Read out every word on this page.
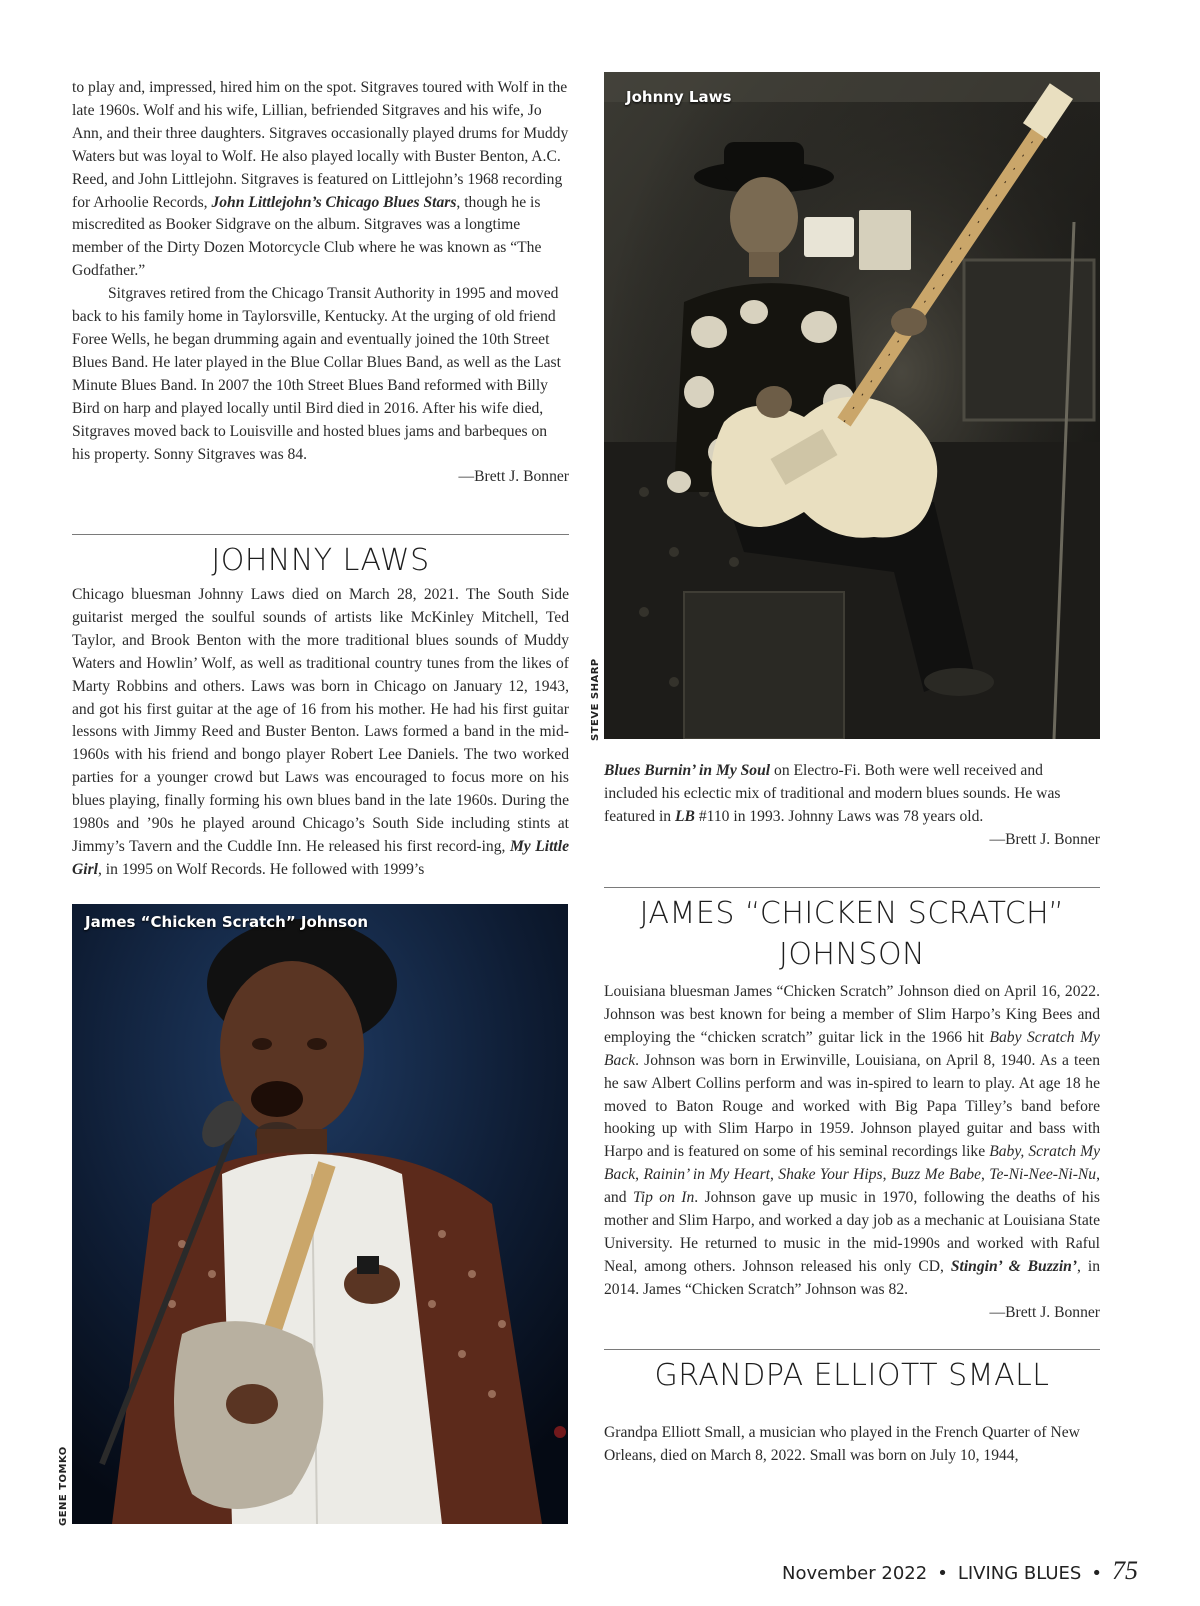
to play and, impressed, hired him on the spot. Sitgraves toured with Wolf in the late 1960s. Wolf and his wife, Lillian, befriended Sitgraves and his wife, Jo Ann, and their three daughters. Sitgraves occasionally played drums for Muddy Waters but was loyal to Wolf. He also played locally with Buster Benton, A.C. Reed, and John Littlejohn. Sitgraves is featured on Littlejohn’s 1968 recording for Arhoolie Records, John Littlejohn’s Chicago Blues Stars, though he is miscredited as Booker Sidgrave on the album. Sitgraves was a longtime member of the Dirty Dozen Motorcycle Club where he was known as “The Godfather.”

Sitgraves retired from the Chicago Transit Authority in 1995 and moved back to his family home in Taylorsville, Kentucky. At the urging of old friend Foree Wells, he began drumming again and eventually joined the 10th Street Blues Band. He later played in the Blue Collar Blues Band, as well as the Last Minute Blues Band. In 2007 the 10th Street Blues Band reformed with Billy Bird on harp and played locally until Bird died in 2016. After his wife died, Sitgraves moved back to Louisville and hosted blues jams and barbeques on his property. Sonny Sitgraves was 84.

—Brett J. Bonner

JOHNNY LAWS

Chicago bluesman Johnny Laws died on March 28, 2021. The South Side guitarist merged the soulful sounds of artists like McKinley Mitchell, Ted Taylor, and Brook Benton with the more traditional blues sounds of Muddy Waters and Howlin’ Wolf, as well as traditional country tunes from the likes of Marty Robbins and others. Laws was born in Chicago on January 12, 1943, and got his first guitar at the age of 16 from his mother. He had his first guitar lessons with Jimmy Reed and Buster Benton. Laws formed a band in the mid-1960s with his friend and bongo player Robert Lee Daniels. The two worked parties for a younger crowd but Laws was encouraged to focus more on his blues playing, finally forming his own blues band in the late 1960s. During the 1980s and ’90s he played around Chicago’s South Side including stints at Jimmy’s Tavern and the Cuddle Inn. He released his first record-ing, My Little Girl, in 1995 on Wolf Records. He followed with 1999’s

Johnny Laws
STEVE SHARP

Blues Burnin’ in My Soul on Electro-Fi. Both were well received and included his eclectic mix of traditional and modern blues sounds. He was featured in LB #110 in 1993. Johnny Laws was 78 years old.

—Brett J. Bonner

James “Chicken Scratch” Johnson
GENE TOMKO
JAMES “CHICKEN SCRATCH”
JOHNSON

Louisiana bluesman James “Chicken Scratch” Johnson died on April 16, 2022. Johnson was best known for being a member of Slim Harpo’s King Bees and employing the “chicken scratch” guitar lick in the 1966 hit Baby Scratch My Back. Johnson was born in Erwinville, Louisiana, on April 8, 1940. As a teen he saw Albert Collins perform and was in-spired to learn to play. At age 18 he moved to Baton Rouge and worked with Big Papa Tilley’s band before hooking up with Slim Harpo in 1959. Johnson played guitar and bass with Harpo and is featured on some of his seminal recordings like Baby, Scratch My Back, Rainin’ in My Heart, Shake Your Hips, Buzz Me Babe, Te-Ni-Nee-Ni-Nu, and Tip on In. Johnson gave up music in 1970, following the deaths of his mother and Slim Harpo, and worked a day job as a mechanic at Louisiana State University. He returned to music in the mid-1990s and worked with Raful Neal, among others. Johnson released his only CD, Stingin’ & Buzzin’, in 2014. James “Chicken Scratch” Johnson was 82.

—Brett J. Bonner

GRANDPA ELLIOTT SMALL

Grandpa Elliott Small, a musician who played in the French Quarter of New Orleans, died on March 8, 2022. Small was born on July 10, 1944,

November 2022 • LIVING BLUES • 75
